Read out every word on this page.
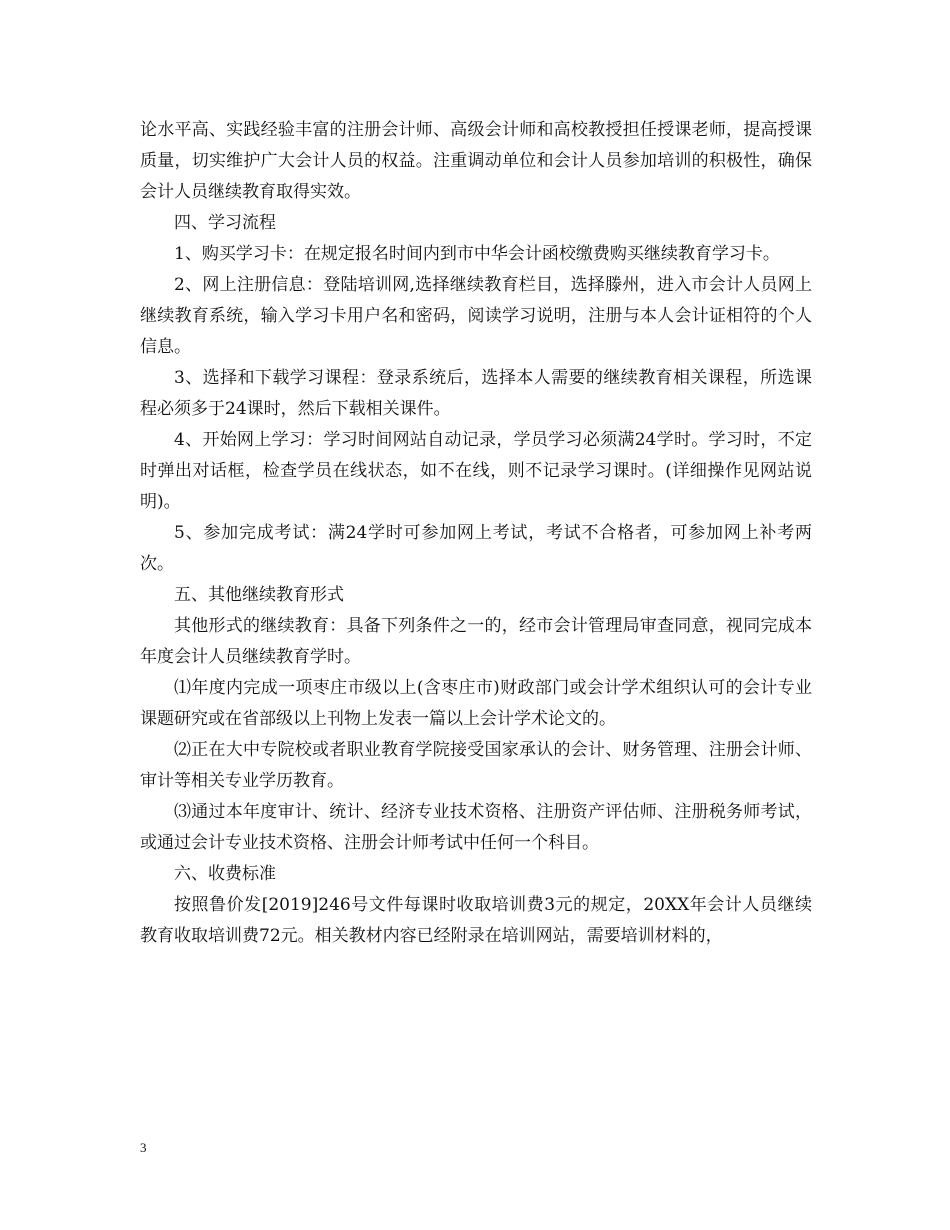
论水平高、实践经验丰富的注册会计师、高级会计师和高校教授担任授课老师，提高授课质量，切实维护广大会计人员的权益。注重调动单位和会计人员参加培训的积极性，确保会计人员继续教育取得实效。

四、学习流程

1、购买学习卡：在规定报名时间内到市中华会计函校缴费购买继续教育学习卡。

2、网上注册信息：登陆培训网,选择继续教育栏目，选择滕州，进入市会计人员网上继续教育系统，输入学习卡用户名和密码，阅读学习说明，注册与本人会计证相符的个人信息。

3、选择和下载学习课程：登录系统后，选择本人需要的继续教育相关课程，所选课程必须多于24课时，然后下载相关课件。

4、开始网上学习：学习时间网站自动记录，学员学习必须满24学时。学习时，不定时弹出对话框，检查学员在线状态，如不在线，则不记录学习课时。(详细操作见网站说明)。

5、参加完成考试：满24学时可参加网上考试，考试不合格者，可参加网上补考两次。

五、其他继续教育形式

其他形式的继续教育：具备下列条件之一的，经市会计管理局审查同意，视同完成本年度会计人员继续教育学时。

⑴年度内完成一项枣庄市级以上(含枣庄市)财政部门或会计学术组织认可的会计专业课题研究或在省部级以上刊物上发表一篇以上会计学术论文的。

⑵正在大中专院校或者职业教育学院接受国家承认的会计、财务管理、注册会计师、审计等相关专业学历教育。

⑶通过本年度审计、统计、经济专业技术资格、注册资产评估师、注册税务师考试，或通过会计专业技术资格、注册会计师考试中任何一个科目。

六、收费标准

按照鲁价发[2019]246号文件每课时收取培训费3元的规定，20XX年会计人员继续教育收取培训费72元。相关教材内容已经附录在培训网站，需要培训材料的，

3
